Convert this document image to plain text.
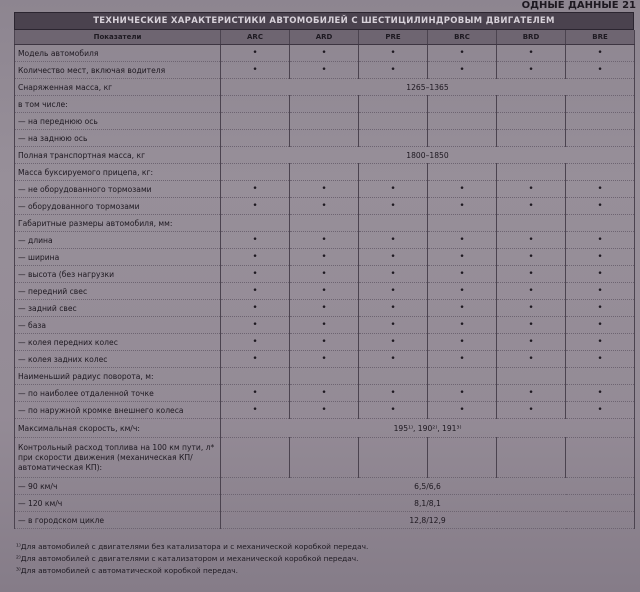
ОДНЫЕ ДАННЫЕ 21
ТЕХНИЧЕСКИЕ ХАРАКТЕРИСТИКИ АВТОМОБИЛЕЙ С ШЕСТИЦИЛИНДРОВЫМ ДВИГАТЕЛЕМ
Показатели	ARC	ARD	PRE	BRC	BRD	BRE
Модель автомобиля	•	•	•	•	•	•
Количество мест, включая водителя	•	•	•	•	•	•
Снаряженная масса, кг	1265–1365					
в том числе:						
— на переднюю ось						
— на заднюю ось						
Полная транспортная масса, кг	1800–1850					
Масса буксируемого прицепа, кг:						
— не оборудованного тормозами	•	•	•	•	•	•
— оборудованного тормозами	•	•	•	•	•	•
Габаритные размеры автомобиля, мм:						
— длина	•	•	•	•	•	•
— ширина	•	•	•	•	•	•
— высота (без нагрузки	•	•	•	•	•	•
— передний свес	•	•	•	•	•	•
— задний свес	•	•	•	•	•	•
— база	•	•	•	•	•	•
— колея передних колес	•	•	•	•	•	•
— колея задних колес	•	•	•	•	•	•
Наименьший радиус поворота, м:						
— по наиболее отдаленной точке	•	•	•	•	•	•
— по наружной кромке внешнего колеса	•	•	•	•	•	•
Максимальная скорость, км/ч:	195¹⁾, 190²⁾, 191³⁾					
Контрольный расход топлива на 100 км пути, л* при скорости движения (механическая КП/автоматическая КП):						
— 90 км/ч	6,5/6,6					
— 120 км/ч	8,1/8,1					
— в городском цикле	12,8/12,9					
¹⁾Для автомобилей с двигателями без катализатора и с механической коробкой передач.
²⁾Для автомобилей с двигателями с катализатором и механической коробкой передач.
³⁾Для автомобилей с автоматической коробкой передач.
